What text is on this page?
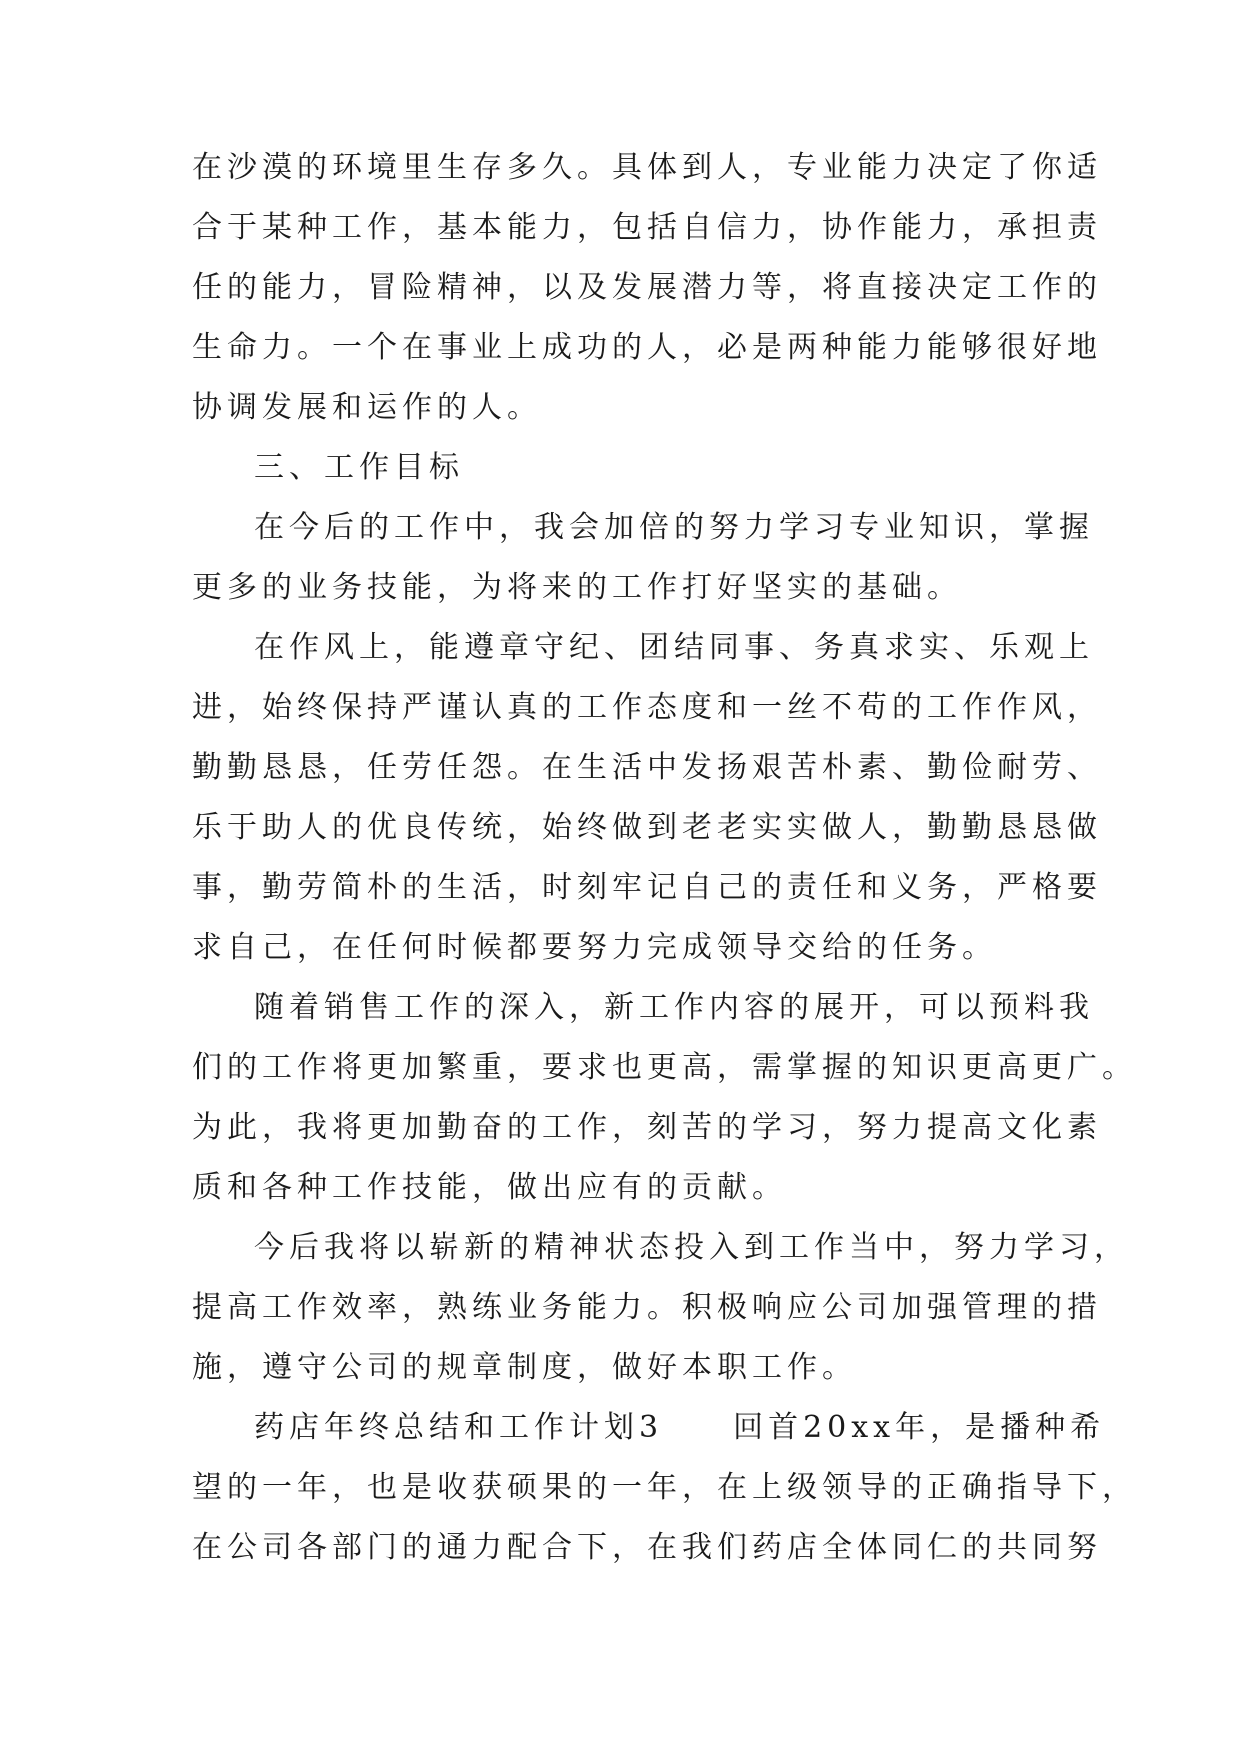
在沙漠的环境里生存多久。具体到人，专业能力决定了你适
合于某种工作，基本能力，包括自信力，协作能力，承担责
任的能力，冒险精神，以及发展潜力等，将直接决定工作的
生命力。一个在事业上成功的人，必是两种能力能够很好地
协调发展和运作的人。
三、工作目标
在今后的工作中，我会加倍的努力学习专业知识，掌握
更多的业务技能，为将来的工作打好坚实的基础。
在作风上，能遵章守纪、团结同事、务真求实、乐观上
进，始终保持严谨认真的工作态度和一丝不苟的工作作风，
勤勤恳恳，任劳任怨。在生活中发扬艰苦朴素、勤俭耐劳、
乐于助人的优良传统，始终做到老老实实做人，勤勤恳恳做
事，勤劳简朴的生活，时刻牢记自己的责任和义务，严格要
求自己，在任何时候都要努力完成领导交给的任务。
随着销售工作的深入，新工作内容的展开，可以预料我
们的工作将更加繁重，要求也更高，需掌握的知识更高更广。
为此，我将更加勤奋的工作，刻苦的学习，努力提高文化素
质和各种工作技能，做出应有的贡献。
今后我将以崭新的精神状态投入到工作当中，努力学习，
提高工作效率，熟练业务能力。积极响应公司加强管理的措
施，遵守公司的规章制度，做好本职工作。
药店年终总结和工作计划3　　回首20xx年，是播种希
望的一年，也是收获硕果的一年，在上级领导的正确指导下，
在公司各部门的通力配合下，在我们药店全体同仁的共同努
